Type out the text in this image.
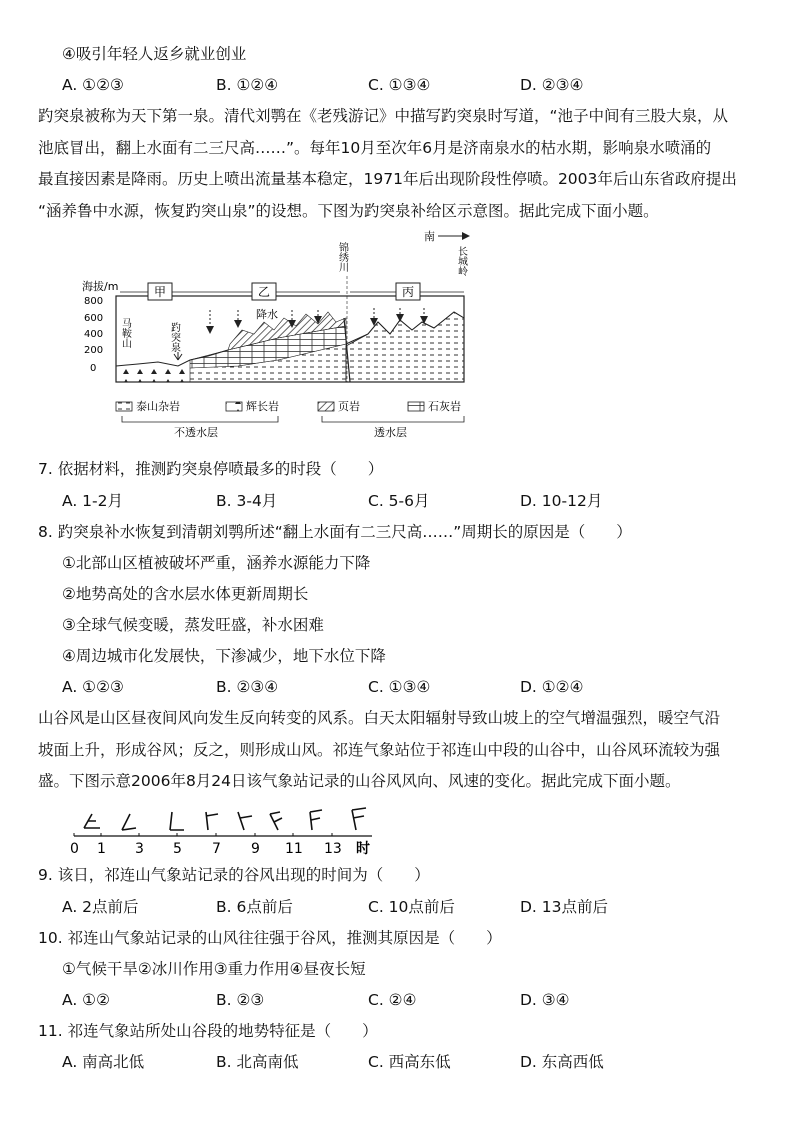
④吸引年轻人返乡就业创业
A. ①②③	B. ①②④	C. ①③④	D. ②③④
趵突泉被称为天下第一泉。清代刘鹗在《老残游记》中描写趵突泉时写道，“池子中间有三股大泉，从
池底冒出，翻上水面有二三尺高……”。每年10月至次年6月是济南泉水的枯水期，影响泉水喷涌的
最直接因素是降雨。历史上喷出流量基本稳定，1971年后出现阶段性停喷。2003年后山东省政府提出
“涵养鲁中水源，恢复趵突山泉”的设想。下图为趵突泉补给区示意图。据此完成下面小题。
南
海拔/m
800
600
400
200
0
甲	乙	丙
降水
锦绣川	长城岭
马鞍山	趵突泉
泰山杂岩	辉长岩	页岩	石灰岩
不透水层	透水层
7. 依据材料，推测趵突泉停喷最多的时段（　　）
A. 1-2月	B. 3-4月	C. 5-6月	D. 10-12月
8. 趵突泉补水恢复到清朝刘鹗所述“翻上水面有二三尺高……”周期长的原因是（　　）
①北部山区植被破坏严重，涵养水源能力下降
②地势高处的含水层水体更新周期长
③全球气候变暖，蒸发旺盛，补水困难
④周边城市化发展快，下渗减少，地下水位下降
A. ①②③	B. ②③④	C. ①③④	D. ①②④
山谷风是山区昼夜间风向发生反向转变的风系。白天太阳辐射导致山坡上的空气增温强烈，暖空气沿
坡面上升，形成谷风；反之，则形成山风。祁连气象站位于祁连山中段的山谷中，山谷风环流较为强
盛。下图示意2006年8月24日该气象站记录的山谷风风向、风速的变化。据此完成下面小题。
0 1 3 5 7 9 11 13 时
9. 该日，祁连山气象站记录的谷风出现的时间为（　　）
A. 2点前后	B. 6点前后	C. 10点前后	D. 13点前后
10. 祁连山气象站记录的山风往往强于谷风，推测其原因是（　　）
①气候干旱②冰川作用③重力作用④昼夜长短
A. ①②	B. ②③	C. ②④	D. ③④
11. 祁连气象站所处山谷段的地势特征是（　　）
A. 南高北低	B. 北高南低	C. 西高东低	D. 东高西低
